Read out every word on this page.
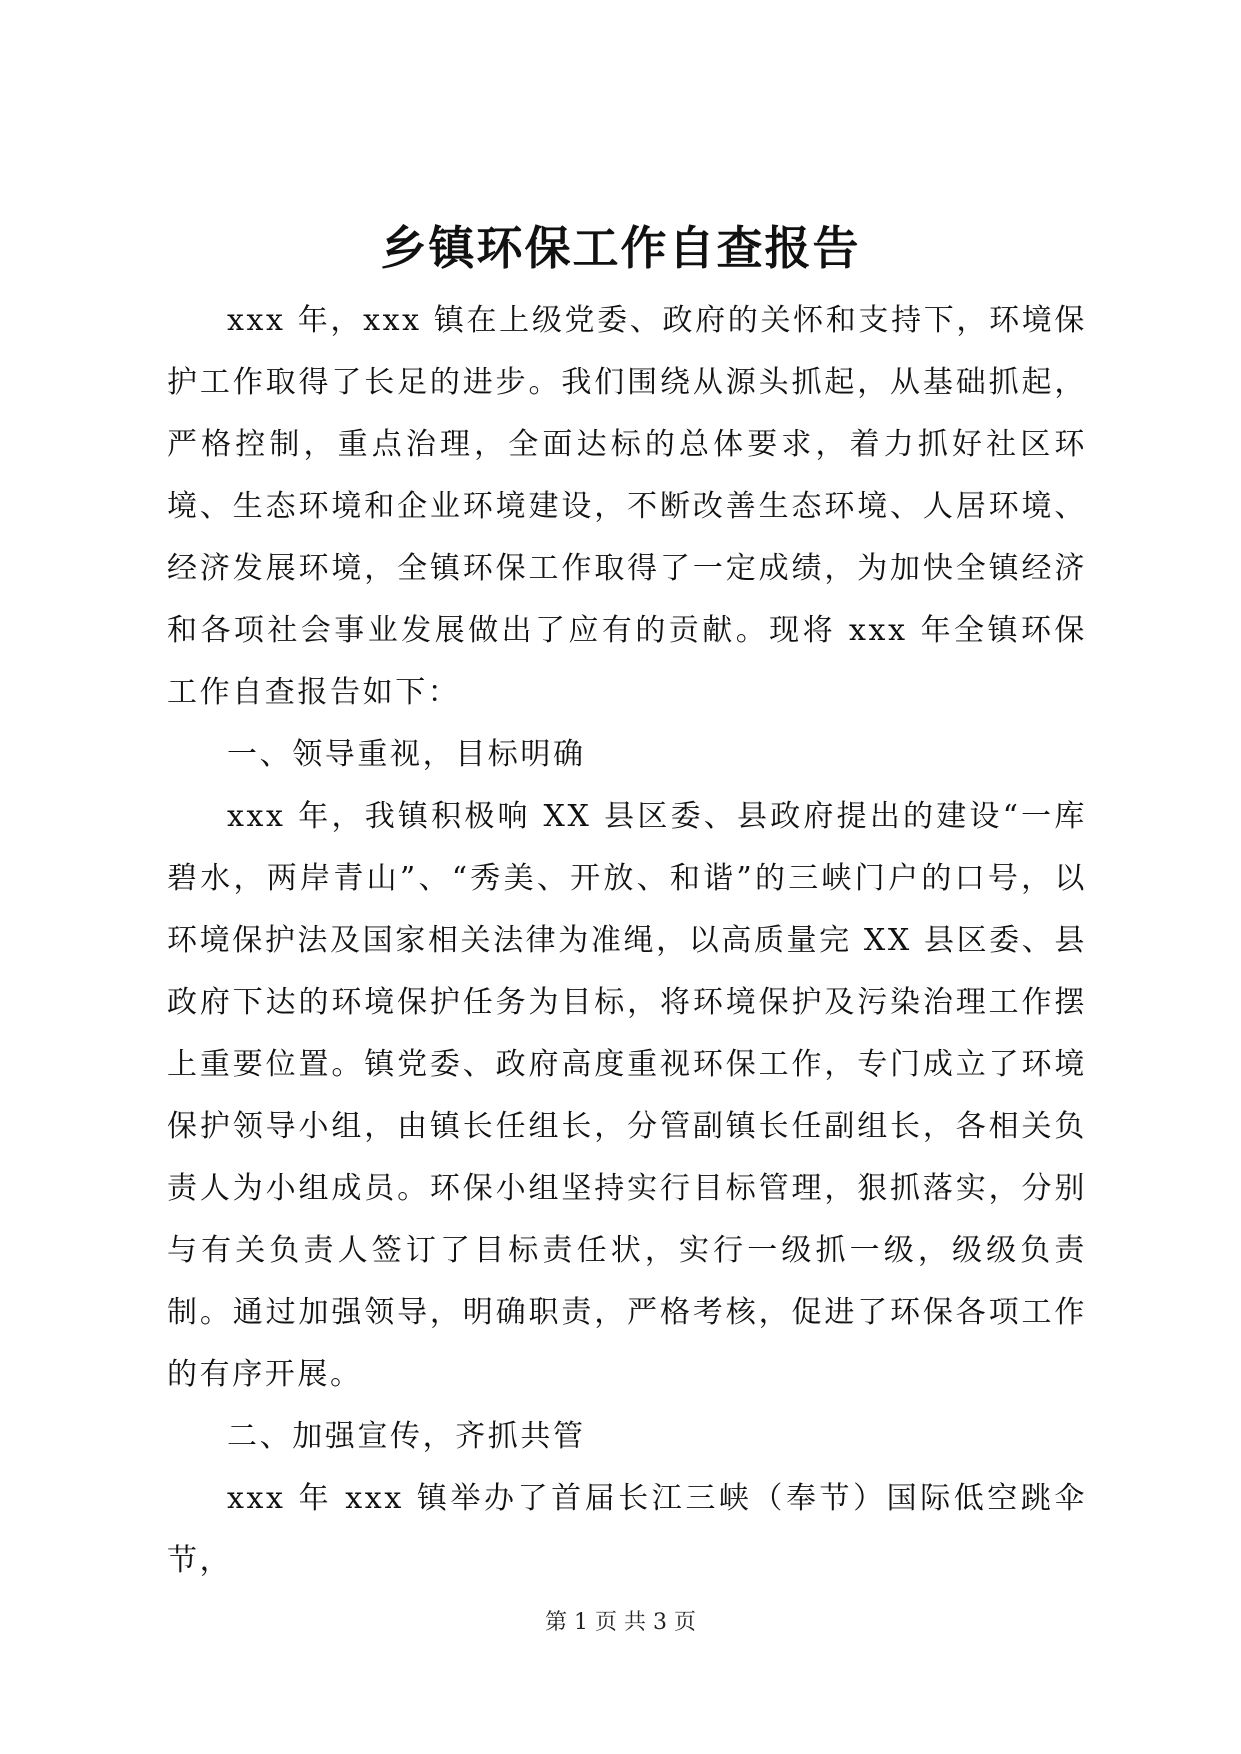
乡镇环保工作自查报告

xxx 年，xxx 镇在上级党委、政府的关怀和支持下，环境保护工作取得了长足的进步。我们围绕从源头抓起，从基础抓起，严格控制，重点治理，全面达标的总体要求，着力抓好社区环境、生态环境和企业环境建设，不断改善生态环境、人居环境、经济发展环境，全镇环保工作取得了一定成绩，为加快全镇经济和各项社会事业发展做出了应有的贡献。现将 xxx 年全镇环保工作自查报告如下：

一、领导重视，目标明确

xxx 年，我镇积极响 XX 县区委、县政府提出的建设“一库碧水，两岸青山”、“秀美、开放、和谐”的三峡门户的口号，以环境保护法及国家相关法律为准绳，以高质量完 XX 县区委、县政府下达的环境保护任务为目标，将环境保护及污染治理工作摆上重要位置。镇党委、政府高度重视环保工作，专门成立了环境保护领导小组，由镇长任组长，分管副镇长任副组长，各相关负责人为小组成员。环保小组坚持实行目标管理，狠抓落实，分别与有关负责人签订了目标责任状，实行一级抓一级，级级负责制。通过加强领导，明确职责，严格考核，促进了环保各项工作的有序开展。

二、加强宣传，齐抓共管

xxx 年 xxx 镇举办了首届长江三峡（奉节）国际低空跳伞节，

第 1 页 共 3 页
